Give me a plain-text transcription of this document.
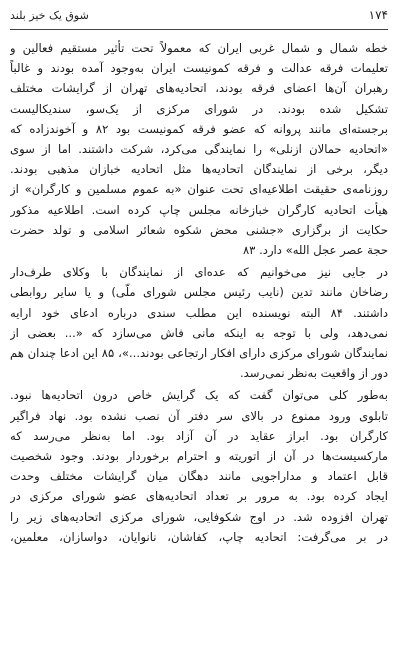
۱۷۴
شوق یک خیز بلند

خطه شمال و شمال غربی ایران که معمولاً تحت تأثیر مستقیم فعالین و
تعلیمات فرقه عدالت و فرقه کمونیست ایران به‌وجود آمده بودند و غالباً
رهبران آن‌ها اعضای فرقه بودند، اتحادیه‌های تهران از گرایشات مختلف
تشکیل شده بودند. در شورای مرکزی از یک‌سو، سندیکالیست
برجسته‌ای مانند پروانه که عضو فرقه کمونیست بود ۸۲ و آخوندزاده که
«اتحادیه حمالان ازنلی» را نمایندگی می‌کرد، شرکت داشتند. اما از سوی
دیگر، برخی از نمایندگان اتحادیه‌ها مثل اتحادیه خبازان مذهبی بودند.
روزنامه‌ی حقیقت اطلاعیه‌ای تحت عنوان «به عموم مسلمین و کارگران» از
هیأت اتحادیه کارگران خبازخانه مجلس چاپ کرده است. اطلاعیه مذکور
حکایت از برگزاری «جشنی محض شکوه شعائر اسلامی و تولد حضرت
حجة عصر عجل الله» دارد. ۸۳

در جایی نیز می‌خوانیم که عده‌ای از نمایندگان با وکلای طرف‌دار
رضاخان مانند تدین (نایب رئیس مجلس شورای ملّی) و یا سایر روابطی
داشتند. ۸۴ البته نویسنده این مطلب سندی درباره ادعای خود ارایه
نمی‌دهد، ولی با توجه به اینکه مانی فاش می‌سازد که «... بعضی از
نمایندگان شورای مرکزی دارای افکار ارتجاعی بودند...»، ۸۵ این ادعا چندان هم
دور از واقعیت به‌نظر نمی‌رسد.

به‌طور کلی می‌توان گفت که یک گرایش خاص درون اتحادیه‌ها نبود.
تابلوی ورود ممنوع در بالای سر دفتر آن نصب نشده بود. نهاد فراگیر
کارگران بود. ابراز عقاید در آن آزاد بود. اما به‌نظر می‌رسد که
مارکسیست‌ها در آن از اتوریته و احترام برخوردار بودند. وجود شخصیت
قابل اعتماد و مداراجویی مانند دهگان میان گرایشات مختلف وحدت
ایجاد کرده بود. به مرور بر تعداد اتحادیه‌های عضو شورای مرکزی در
تهران افزوده شد. در اوج شکوفایی، شورای مرکزی اتحادیه‌های زیر را
در بر می‌گرفت: اتحادیه چاپ، کفاشان، نانوایان، دواسازان، معلمین،
